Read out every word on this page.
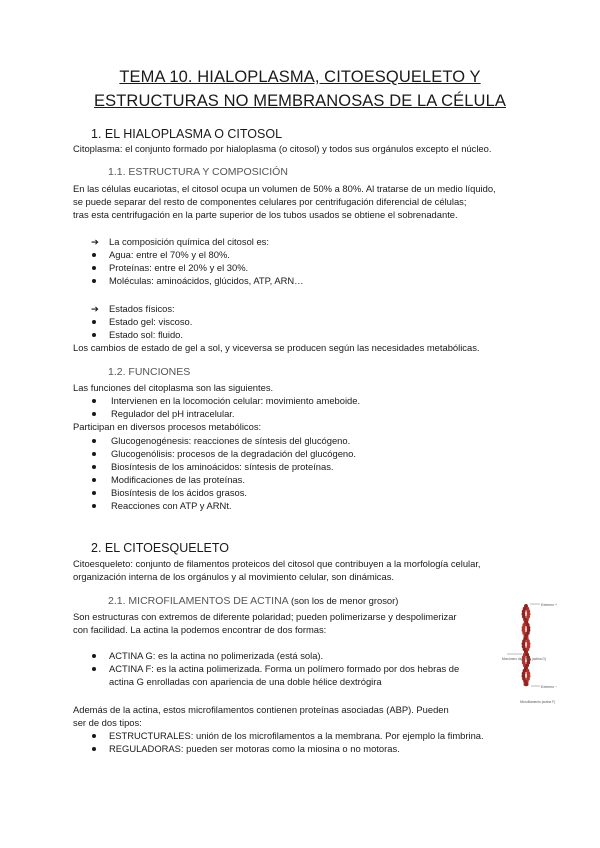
TEMA 10. HIALOPLASMA, CITOESQUELETO Y
ESTRUCTURAS NO MEMBRANOSAS DE LA CÉLULA
1. EL HIALOPLASMA O CITOSOL
Citoplasma: el conjunto formado por hialoplasma (o citosol) y todos sus orgánulos excepto el núcleo.
1.1. ESTRUCTURA Y COMPOSICIÓN
En las células eucariotas, el citosol ocupa un volumen de 50% a 80%. Al tratarse de un medio líquido,
se puede separar del resto de componentes celulares por centrifugación diferencial de células;
tras esta centrifugación en la parte superior de los tubos usados se obtiene el sobrenadante.
➔ La composición química del citosol es:
Agua: entre el 70% y el 80%.
Proteínas: entre el 20% y el 30%.
Moléculas: aminoácidos, glúcidos, ATP, ARN…
➔ Estados físicos:
Estado gel: viscoso.
Estado sol: fluido.
Los cambios de estado de gel a sol, y viceversa se producen según las necesidades metabólicas.
1.2. FUNCIONES
Las funciones del citoplasma son las siguientes.
Intervienen en la locomoción celular: movimiento ameboide.
Regulador del pH intracelular.
Participan en diversos procesos metabólicos:
Glucogenogénesis: reacciones de síntesis del glucógeno.
Glucogenólisis: procesos de la degradación del glucógeno.
Biosíntesis de los aminoácidos: síntesis de proteínas.
Modificaciones de las proteínas.
Biosíntesis de los ácidos grasos.
Reacciones con ATP y ARNt.
2. EL CITOESQUELETO
Citoesqueleto: conjunto de filamentos proteicos del citosol que contribuyen a la morfología celular,
organización interna de los orgánulos y al movimiento celular, son dinámicas.
2.1. MICROFILAMENTOS DE ACTINA (son los de menor grosor)
Son estructuras con extremos de diferente polaridad; pueden polimerizarse y despolimerizar
con facilidad. La actina la podemos encontrar de dos formas:
ACTINA G: es la actina no polimerizada (está sola).
ACTINA F: es la actina polimerizada. Forma un polímero formado por dos hebras de
actina G enrolladas con apariencia de una doble hélice dextrógira
Además de la actina, estos microfilamentos contienen proteínas asociadas (ABP). Pueden
ser de dos tipos:
ESTRUCTURALES: unión de los microfilamentos a la membrana. Por ejemplo la fimbrina.
REGULADORAS: pueden ser motoras como la miosina o no motoras.
Extremo +
Monómero de actina (actina G)
Extremo −
Microfilamento (actina F)
